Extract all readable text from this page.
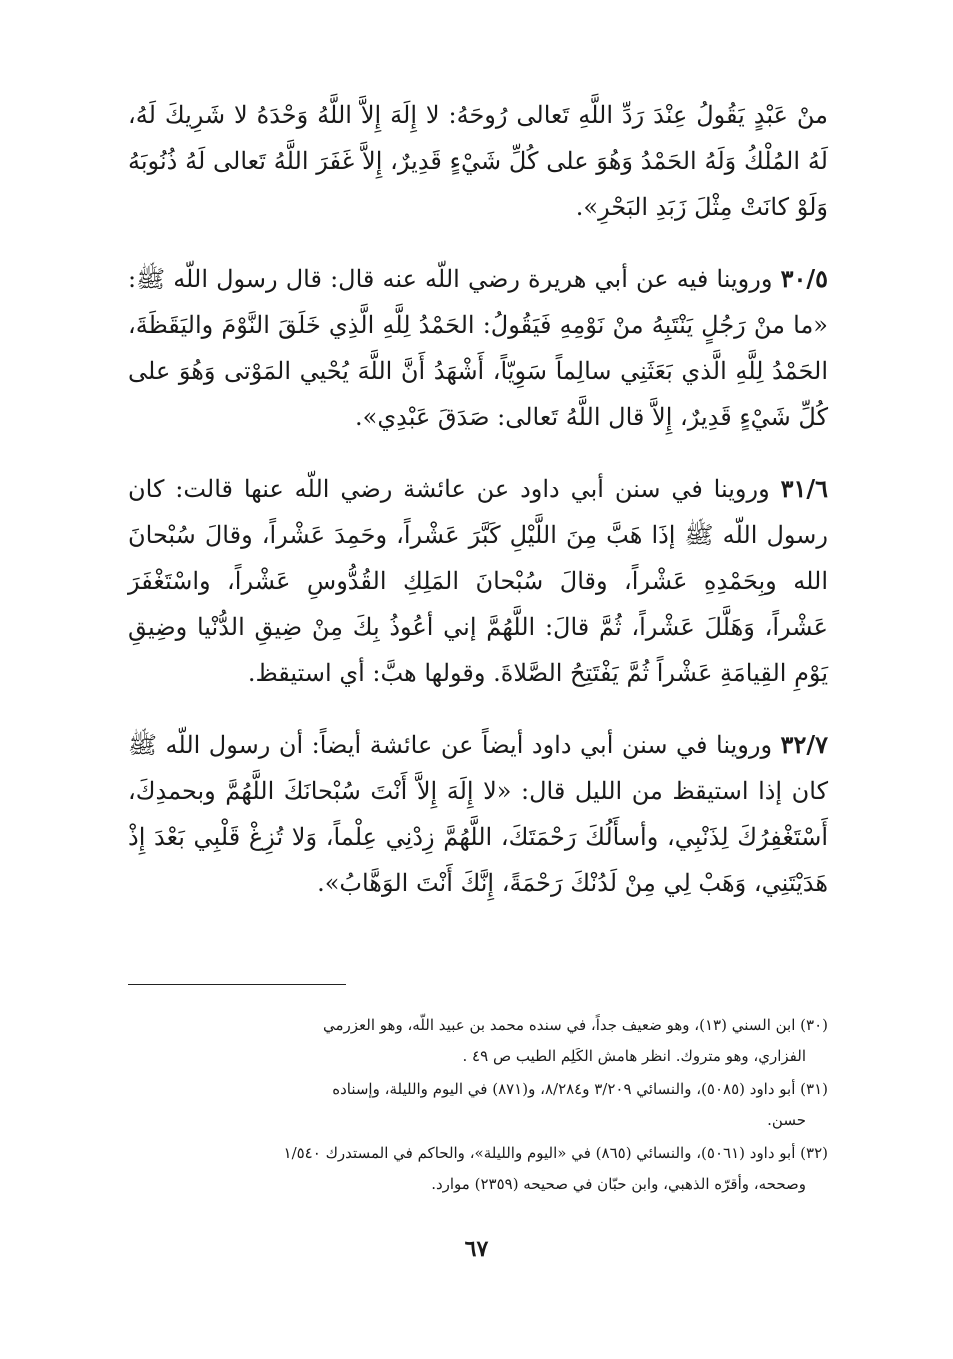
منْ عَبْدٍ يَقُولُ عِنْدَ رَدِّ اللَّهِ تَعالى رُوحَهُ: لا إِلَهَ إِلاَّ اللَّهُ وَحْدَهُ لا شَرِيكَ لَهُ، لَهُ المُلْكُ وَلَهُ الحَمْدُ وَهُوَ على كُلِّ شَيْءٍ قَدِيرٌ، إِلاَّ غَفَرَ اللَّهُ تَعالى لَهُ ذُنُوبَهُ وَلَوْ كانَتْ مِثْلَ زَبَدِ البَحْرِ».

٣٠/٥ وروينا فيه عن أبي هريرة رضي اللّه عنه قال: قال رسول اللّه ﷺ: «ما منْ رَجُلٍ يَنْتَبِهُ منْ نَوْمِهِ فَيَقُولُ: الحَمْدُ لِلَّهِ الَّذِي خَلَقَ النَّوْمَ واليَقَظَةَ، الحَمْدُ لِلَّهِ الَّذي بَعَثَنِي سالِماً سَوِيّاً، أَشْهَدُ أَنَّ اللَّهَ يُحْيي المَوْتى وَهُوَ على كُلِّ شَيْءٍ قَدِيرٌ، إِلاَّ قال اللَّهُ تَعالى: صَدَقَ عَبْدِي».

٣١/٦ وروينا في سنن أبي داود عن عائشة رضي اللّه عنها قالت: كان رسول اللّه ﷺ إذَا هَبَّ مِنَ اللَّيْلِ كَبَّرَ عَشْراً، وحَمِدَ عَشْراً، وقالَ سُبْحانَ الله وبِحَمْدِهِ عَشْراً، وقالَ سُبْحانَ المَلِكِ القُدُّوسِ عَشْراً، واسْتَغْفَرَ عَشْراً، وَهَلَّلَ عَشْراً، ثُمَّ قالَ: اللَّهُمَّ إني أعُوذُ بِكَ مِنْ ضِيقِ الدُّنْيا وضِيقِ يَوْمِ القِيامَةِ عَشْراً ثُمَّ يَفْتَتِحُ الصَّلاةَ. وقولها هبَّ: أي استيقظ.

٣٢/٧ وروينا في سنن أبي داود أيضاً عن عائشة أيضاً: أن رسول اللّه ﷺ كان إذا استيقظ من الليل قال: «لا إِلَهَ إِلاَّ أَنْتَ سُبْحانَكَ اللَّهُمَّ وبحمدِكَ، أَسْتَغْفِرُكَ لِذَنْبِي، وأسأَلُكَ رَحْمَتَكَ، اللَّهُمَّ زِدْنِي عِلْماً، وَلا تُزِغْ قَلْبِي بَعْدَ إِذْ هَدَيْتَنِي، وَهَبْ لِي مِنْ لَدُنْكَ رَحْمَةً، إِنَّكَ أَنْتَ الوَهَّابُ».

(٣٠) ابن السني (١٣)، وهو ضعيف جداً، في سنده محمد بن عبيد اللّه، وهو العزرمي
الفزاري، وهو متروك. انظر هامش الكَلِم الطيب ص ٤٩ .
(٣١) أبو داود (٥٠٨٥)، والنسائي ٣/٢٠٩ و٨/٢٨٤، و(٨٧١) في اليوم والليلة، وإسناده
حسن.
(٣٢) أبو داود (٥٠٦١)، والنسائي (٨٦٥) في «اليوم والليلة»، والحاكم في المستدرك ١/٥٤٠
وصححه، وأقرّه الذهبي، وابن حبّان في صحيحه (٢٣٥٩) موارد.
٦٧
